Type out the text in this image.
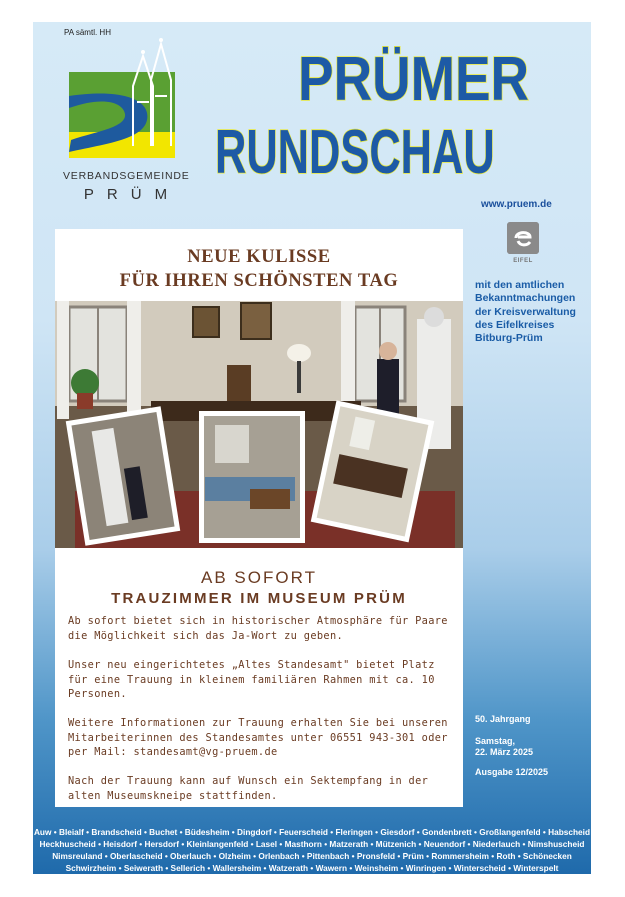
PA sämtl. HH
VERBANDSGEMEINDE
PRÜM
PRÜMER
RUNDSCHAU
www.pruem.de
EIFEL
mit den amtlichen Bekanntmachungen der Kreisverwaltung des Eifelkreises Bitburg-Prüm
NEUE KULISSE
FÜR IHREN SCHÖNSTEN TAG
AB SOFORT
TRAUZIMMER IM MUSEUM PRÜM
Ab sofort bietet sich in historischer Atmosphäre für Paare die Möglichkeit sich das Ja-Wort zu geben.
Unser neu eingerichtetes „Altes Standesamt" bietet Platz für eine Trauung in kleinem familiären Rahmen mit ca. 10 Personen.
Weitere Informationen zur Trauung erhalten Sie bei unseren Mitarbeiterinnen des Standesamtes unter 06551 943-301 oder per Mail: standesamt@vg-pruem.de
Nach der Trauung kann auf Wunsch ein Sektempfang in der alten Museumskneipe stattfinden.
50. Jahrgang
Samstag,
22. März 2025
Ausgabe 12/2025
Auw • Bleialf • Brandscheid • Buchet • Büdesheim • Dingdorf • Feuerscheid • Fleringen • Giesdorf • Gondenbrett • Großlangenfeld • Habscheid
Heckhuscheid • Heisdorf • Hersdorf • Kleinlangenfeld • Lasel • Masthorn • Matzerath • Mützenich • Neuendorf • Niederlauch • Nimshuscheid
Nimsreuland • Oberlascheid • Oberlauch • Olzheim • Orlenbach • Pittenbach • Pronsfeld • Prüm • Rommersheim • Roth • Schönecken
Schwirzheim • Seiwerath • Sellerich • Wallersheim • Watzerath • Wawern • Weinsheim • Winringen • Winterscheid • Winterspelt
